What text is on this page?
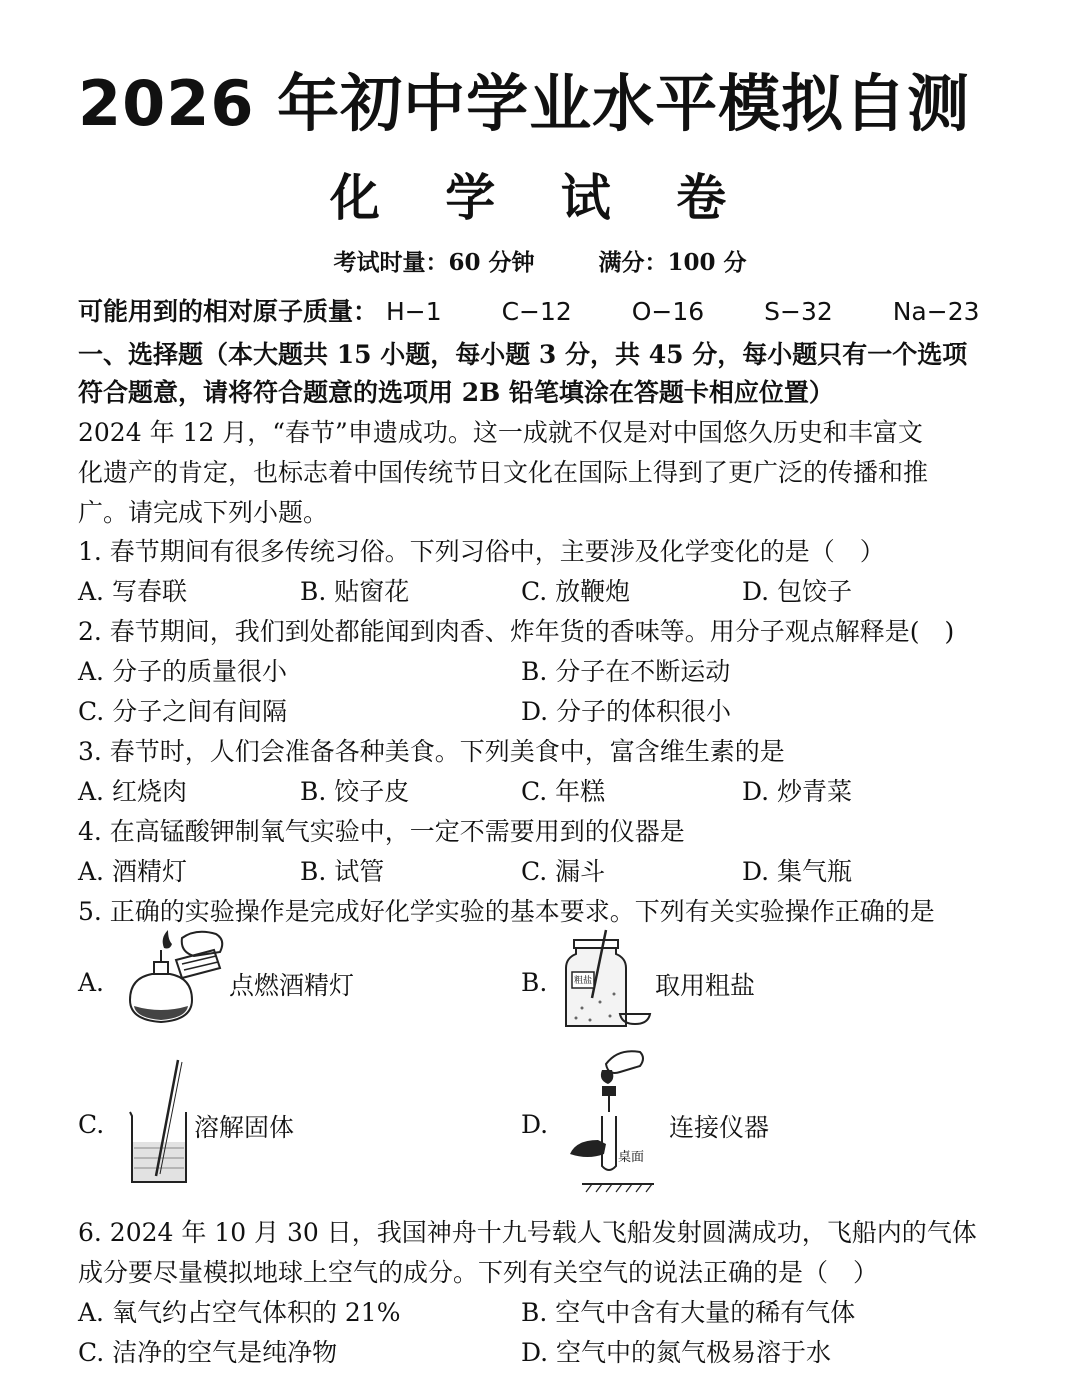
2026 年初中学业水平模拟自测
化 学 试 卷
考试时量：60 分钟	满分：100 分
可能用到的相对原子质量： H−1 C−12 O−16 S−32 Na−23
一、选择题（本大题共 15 小题，每小题 3 分，共 45 分，每小题只有一个选项
符合题意，请将符合题意的选项用 2B 铅笔填涂在答题卡相应位置）
2024 年 12 月，“春节”申遗成功。这一成就不仅是对中国悠久历史和丰富文
化遗产的肯定，也标志着中国传统节日文化在国际上得到了更广泛的传播和推
广。请完成下列小题。
1. 春节期间有很多传统习俗。下列习俗中，主要涉及化学变化的是（　）
A. 写春联	B. 贴窗花	C. 放鞭炮	D. 包饺子
2. 春节期间，我们到处都能闻到肉香、炸年货的香味等。用分子观点解释是(　)
A. 分子的质量很小	B. 分子在不断运动
C. 分子之间有间隔	D. 分子的体积很小
3. 春节时，人们会准备各种美食。下列美食中，富含维生素的是
A. 红烧肉	B. 饺子皮	C. 年糕	D. 炒青菜
4. 在高锰酸钾制氧气实验中，一定不需要用到的仪器是
A. 酒精灯	B. 试管	C. 漏斗	D. 集气瓶
5. 正确的实验操作是完成好化学实验的基本要求。下列有关实验操作正确的是
A.	点燃酒精灯	B.	粗盐	取用粗盐
C.	溶解固体	D.
桌面
连接仪器
6. 2024 年 10 月 30 日，我国神舟十九号载人飞船发射圆满成功，飞船内的气体
成分要尽量模拟地球上空气的成分。下列有关空气的说法正确的是（　）
A. 氧气约占空气体积的 21%	B. 空气中含有大量的稀有气体
C. 洁净的空气是纯净物	D. 空气中的氮气极易溶于水
